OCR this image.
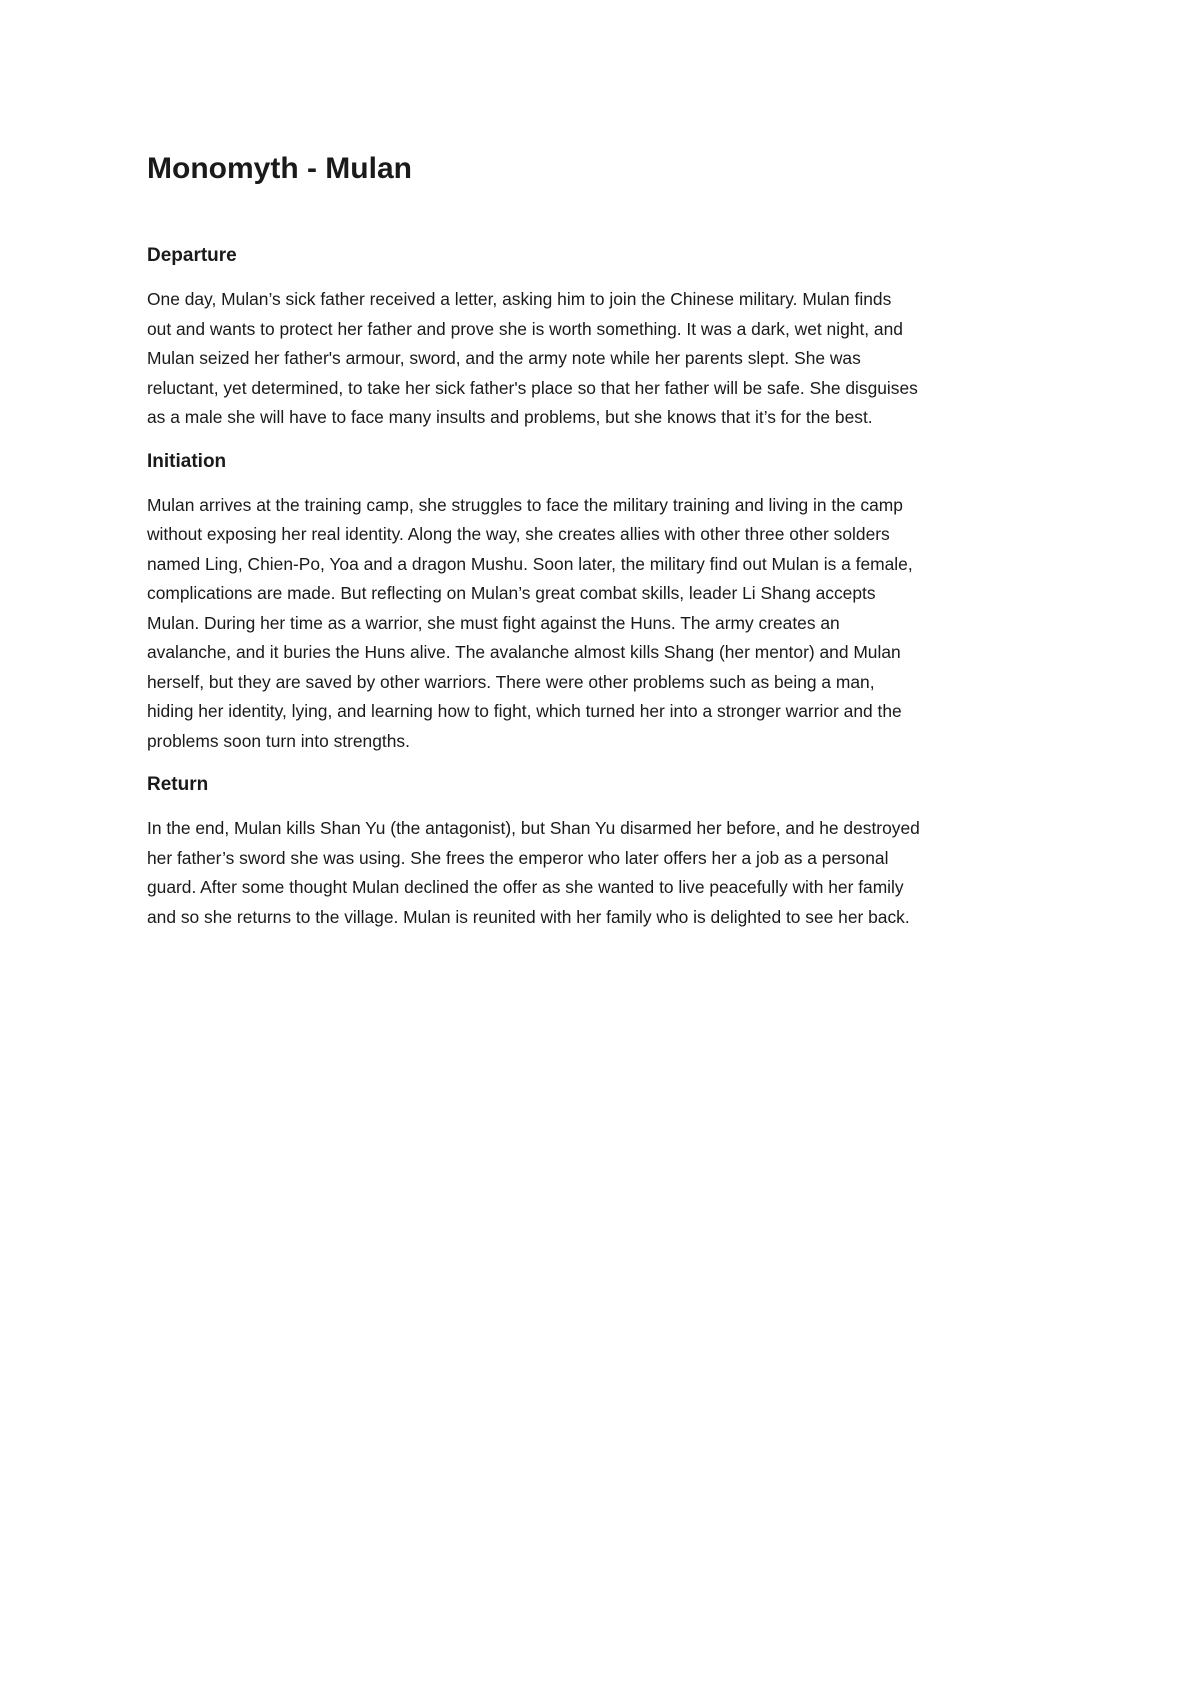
Monomyth - Mulan
Departure

One day, Mulan’s sick father received a letter, asking him to join the Chinese military. Mulan finds
out and wants to protect her father and prove she is worth something. It was a dark, wet night, and
Mulan seized her father's armour, sword, and the army note while her parents slept. She was
reluctant, yet determined, to take her sick father's place so that her father will be safe. She disguises
as a male she will have to face many insults and problems, but she knows that it’s for the best.

Initiation

Mulan arrives at the training camp, she struggles to face the military training and living in the camp
without exposing her real identity. Along the way, she creates allies with other three other solders
named Ling, Chien-Po, Yoa and a dragon Mushu. Soon later, the military find out Mulan is a female,
complications are made. But reflecting on Mulan’s great combat skills, leader Li Shang accepts
Mulan. During her time as a warrior, she must fight against the Huns. The army creates an
avalanche, and it buries the Huns alive. The avalanche almost kills Shang (her mentor) and Mulan
herself, but they are saved by other warriors. There were other problems such as being a man,
hiding her identity, lying, and learning how to fight, which turned her into a stronger warrior and the
problems soon turn into strengths.

Return

In the end, Mulan kills Shan Yu (the antagonist), but Shan Yu disarmed her before, and he destroyed
her father’s sword she was using. She frees the emperor who later offers her a job as a personal
guard. After some thought Mulan declined the offer as she wanted to live peacefully with her family
and so she returns to the village. Mulan is reunited with her family who is delighted to see her back.
